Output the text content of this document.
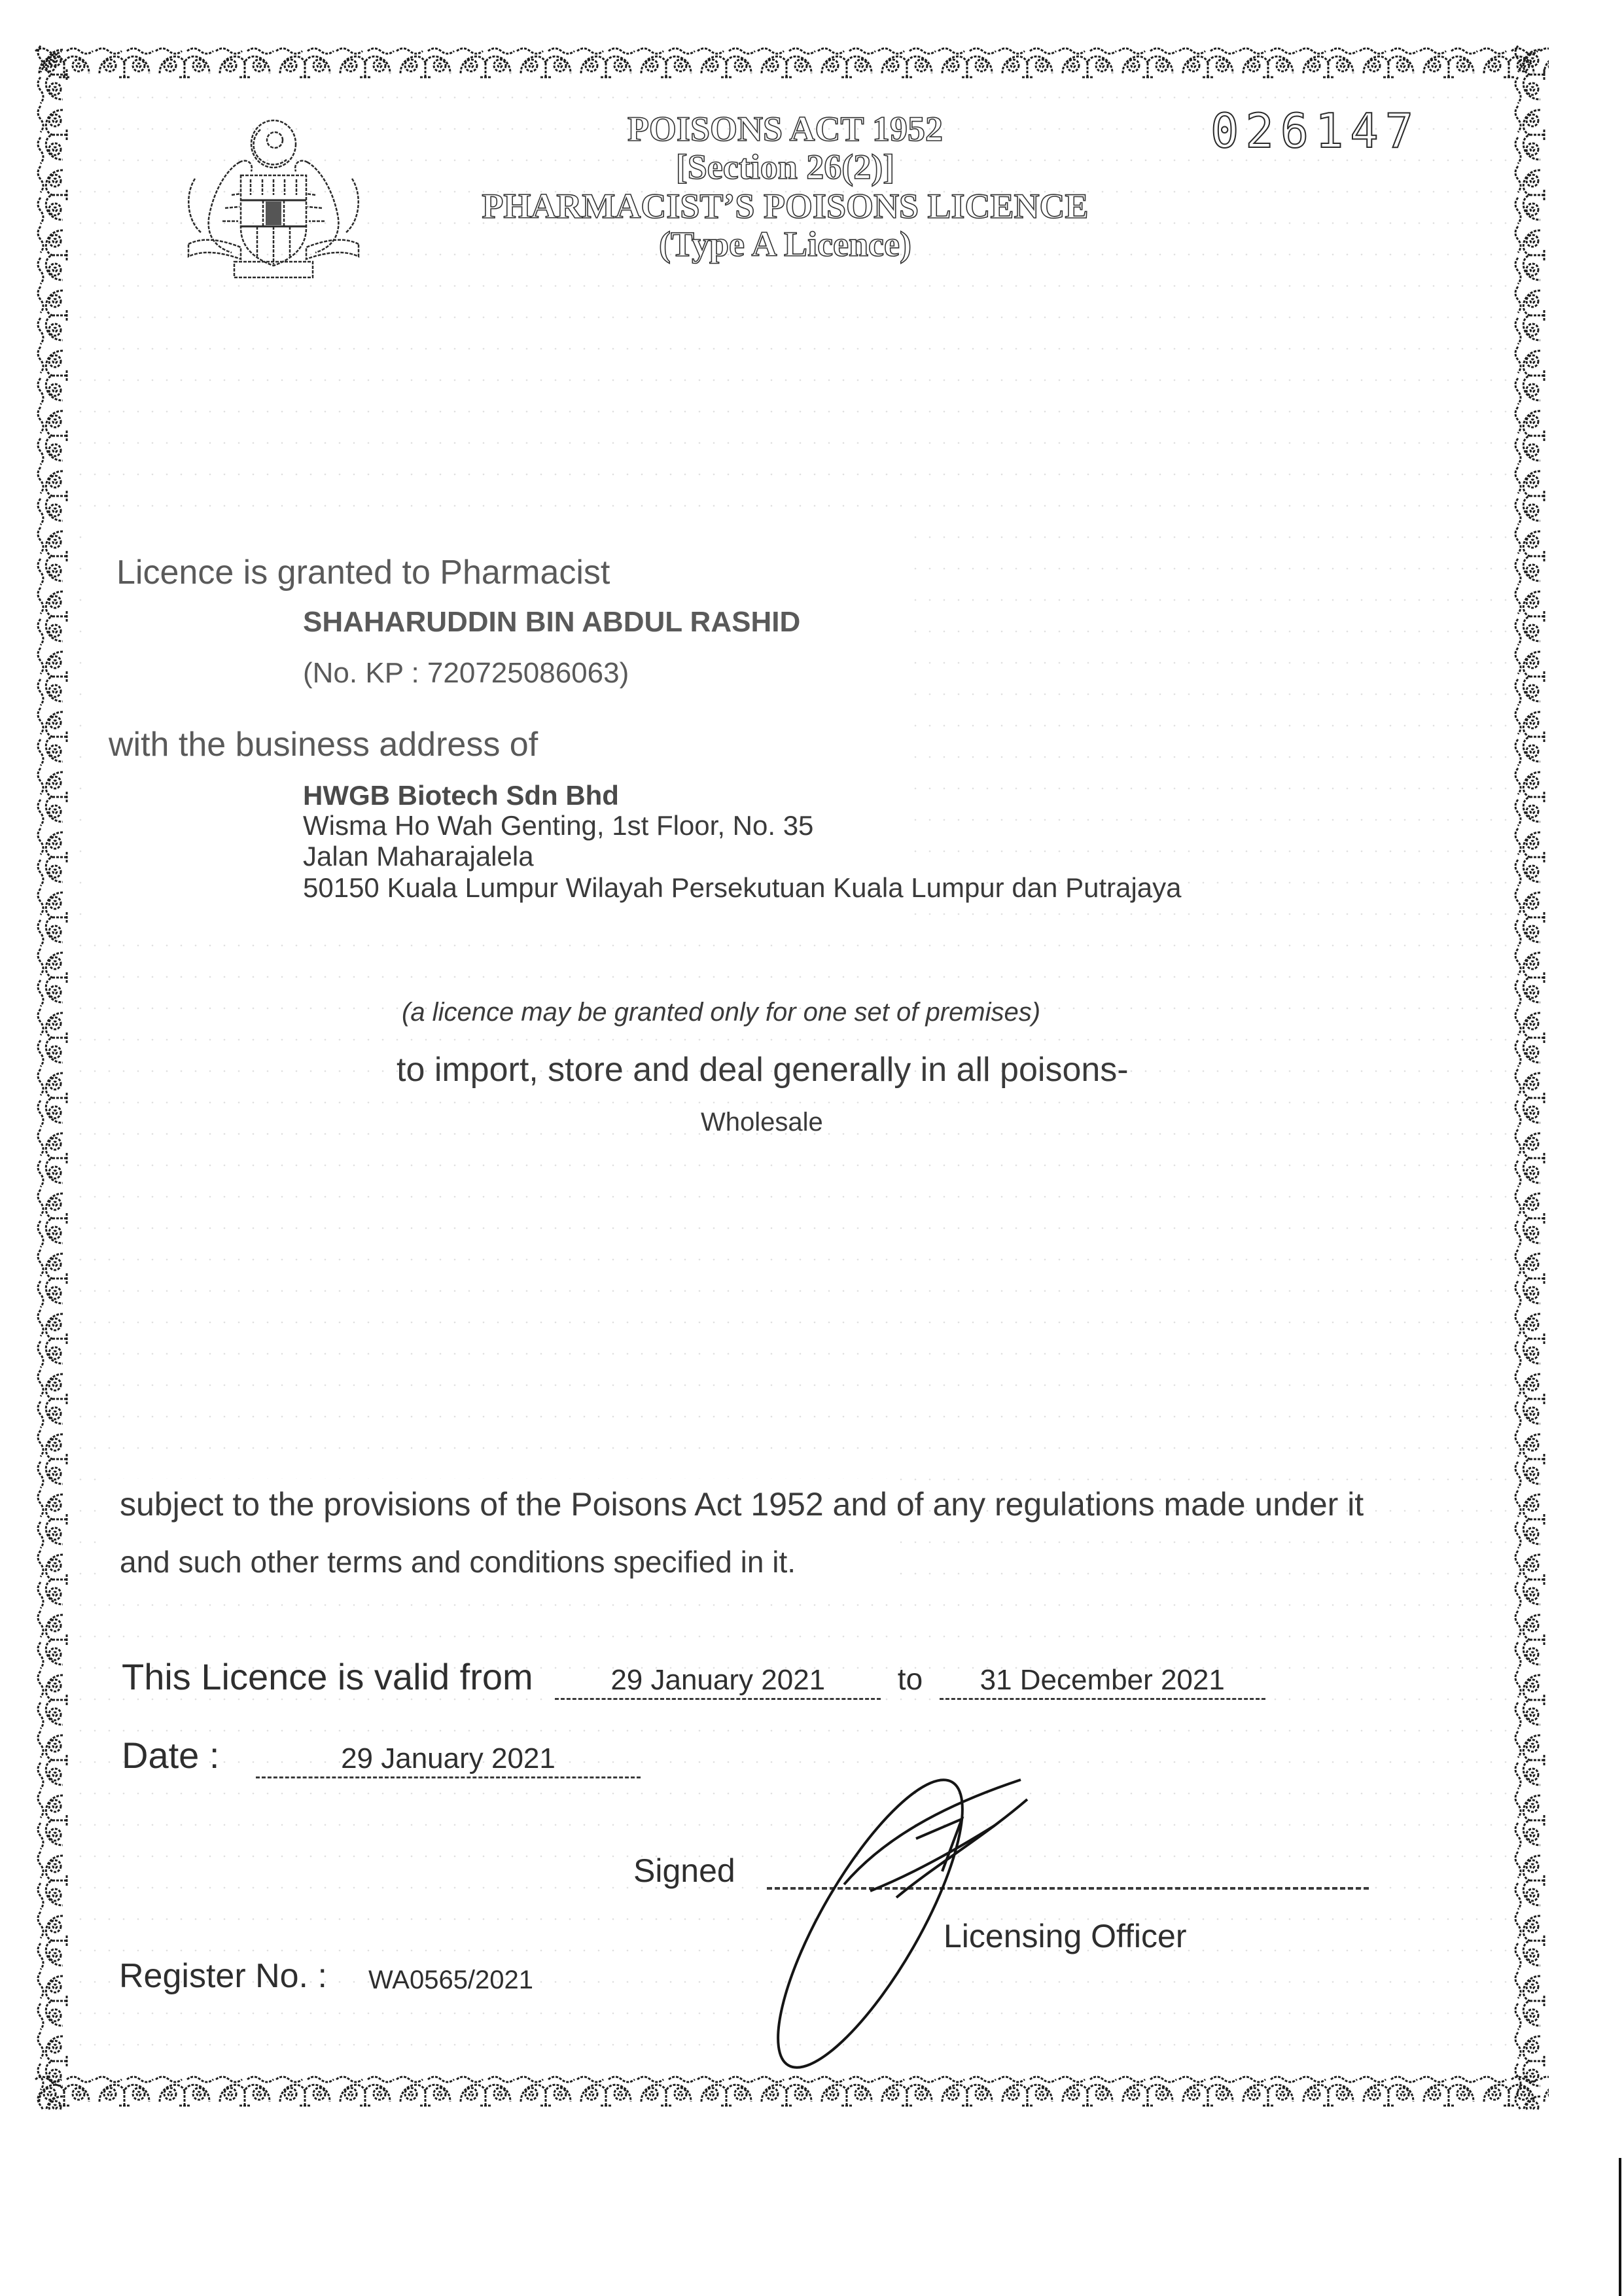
POISONS ACT 1952
[Section 26(2)]
PHARMACIST’S POISONS LICENCE
(Type A Licence)
026147
Licence is granted to Pharmacist
SHAHARUDDIN BIN ABDUL RASHID
(No. KP : 720725086063)
with the business address of
HWGB Biotech Sdn Bhd
Wisma Ho Wah Genting, 1st Floor, No. 35
Jalan Maharajalela
50150 Kuala Lumpur Wilayah Persekutuan Kuala Lumpur dan Putrajaya
(a licence may be granted only for one set of premises)
to import, store and deal generally in all poisons-
Wholesale
subject to the provisions of the Poisons Act 1952 and of any regulations made under it
and such other terms and conditions specified in it.
This Licence is valid from	29 January 2021 to 31 December 2021
Date :	29 January 2021
Signed
Licensing Officer
Register No. : WA0565/2021
